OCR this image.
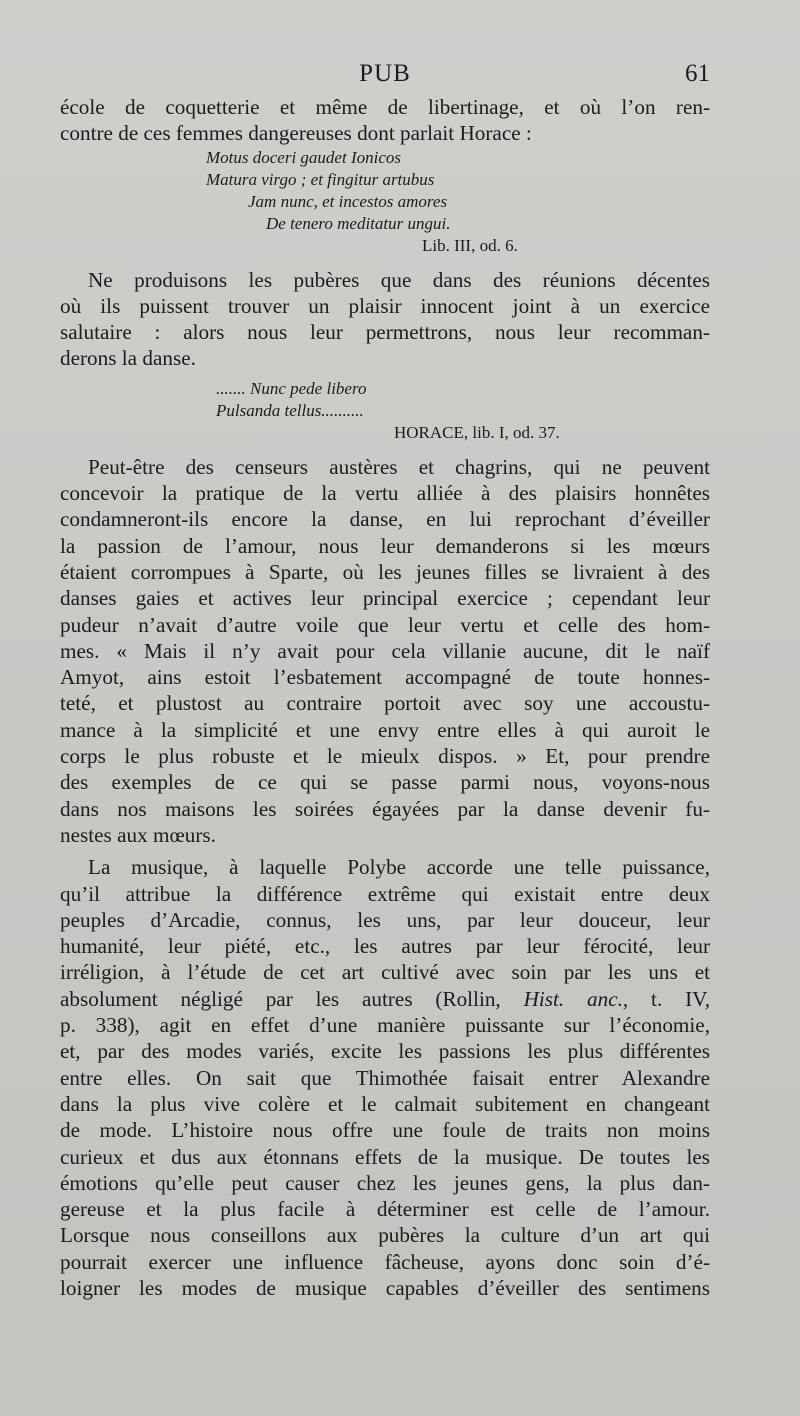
PUB	61
école de coquetterie et même de libertinage, et où l’on ren-
contre de ces femmes dangereuses dont parlait Horace :
Motus doceri gaudet Ionicos
Matura virgo ; et fingitur artubus
Jam nunc, et incestos amores
De tenero meditatur ungui.
Lib. III, od. 6.
Ne produisons les pubères que dans des réunions décentes
où ils puissent trouver un plaisir innocent joint à un exercice
salutaire : alors nous leur permettrons, nous leur recomman-
derons la danse.
....... Nunc pede libero
Pulsanda tellus..........
HORACE, lib. I, od. 37.
Peut-être des censeurs austères et chagrins, qui ne peuvent
concevoir la pratique de la vertu alliée à des plaisirs honnêtes
condamneront-ils encore la danse, en lui reprochant d’éveiller
la passion de l’amour, nous leur demanderons si les mœurs
étaient corrompues à Sparte, où les jeunes filles se livraient à des
danses gaies et actives leur principal exercice ; cependant leur
pudeur n’avait d’autre voile que leur vertu et celle des hom-
mes. « Mais il n’y avait pour cela villanie aucune, dit le naïf
Amyot, ains estoit l’esbatement accompagné de toute honnes-
teté, et plustost au contraire portoit avec soy une accoustu-
mance à la simplicité et une envy entre elles à qui auroit le
corps le plus robuste et le mieulx dispos. » Et, pour prendre
des exemples de ce qui se passe parmi nous, voyons-nous
dans nos maisons les soirées égayées par la danse devenir fu-
nestes aux mœurs.
La musique, à laquelle Polybe accorde une telle puissance,
qu’il attribue la différence extrême qui existait entre deux
peuples d’Arcadie, connus, les uns, par leur douceur, leur
humanité, leur piété, etc., les autres par leur férocité, leur
irréligion, à l’étude de cet art cultivé avec soin par les uns et
absolument négligé par les autres (Rollin, Hist. anc., t. IV,
p. 338), agit en effet d’une manière puissante sur l’économie,
et, par des modes variés, excite les passions les plus différentes
entre elles. On sait que Thimothée faisait entrer Alexandre
dans la plus vive colère et le calmait subitement en changeant
de mode. L’histoire nous offre une foule de traits non moins
curieux et dus aux étonnans effets de la musique. De toutes les
émotions qu’elle peut causer chez les jeunes gens, la plus dan-
gereuse et la plus facile à déterminer est celle de l’amour.
Lorsque nous conseillons aux pubères la culture d’un art qui
pourrait exercer une influence fâcheuse, ayons donc soin d’é-
loigner les modes de musique capables d’éveiller des sentimens
